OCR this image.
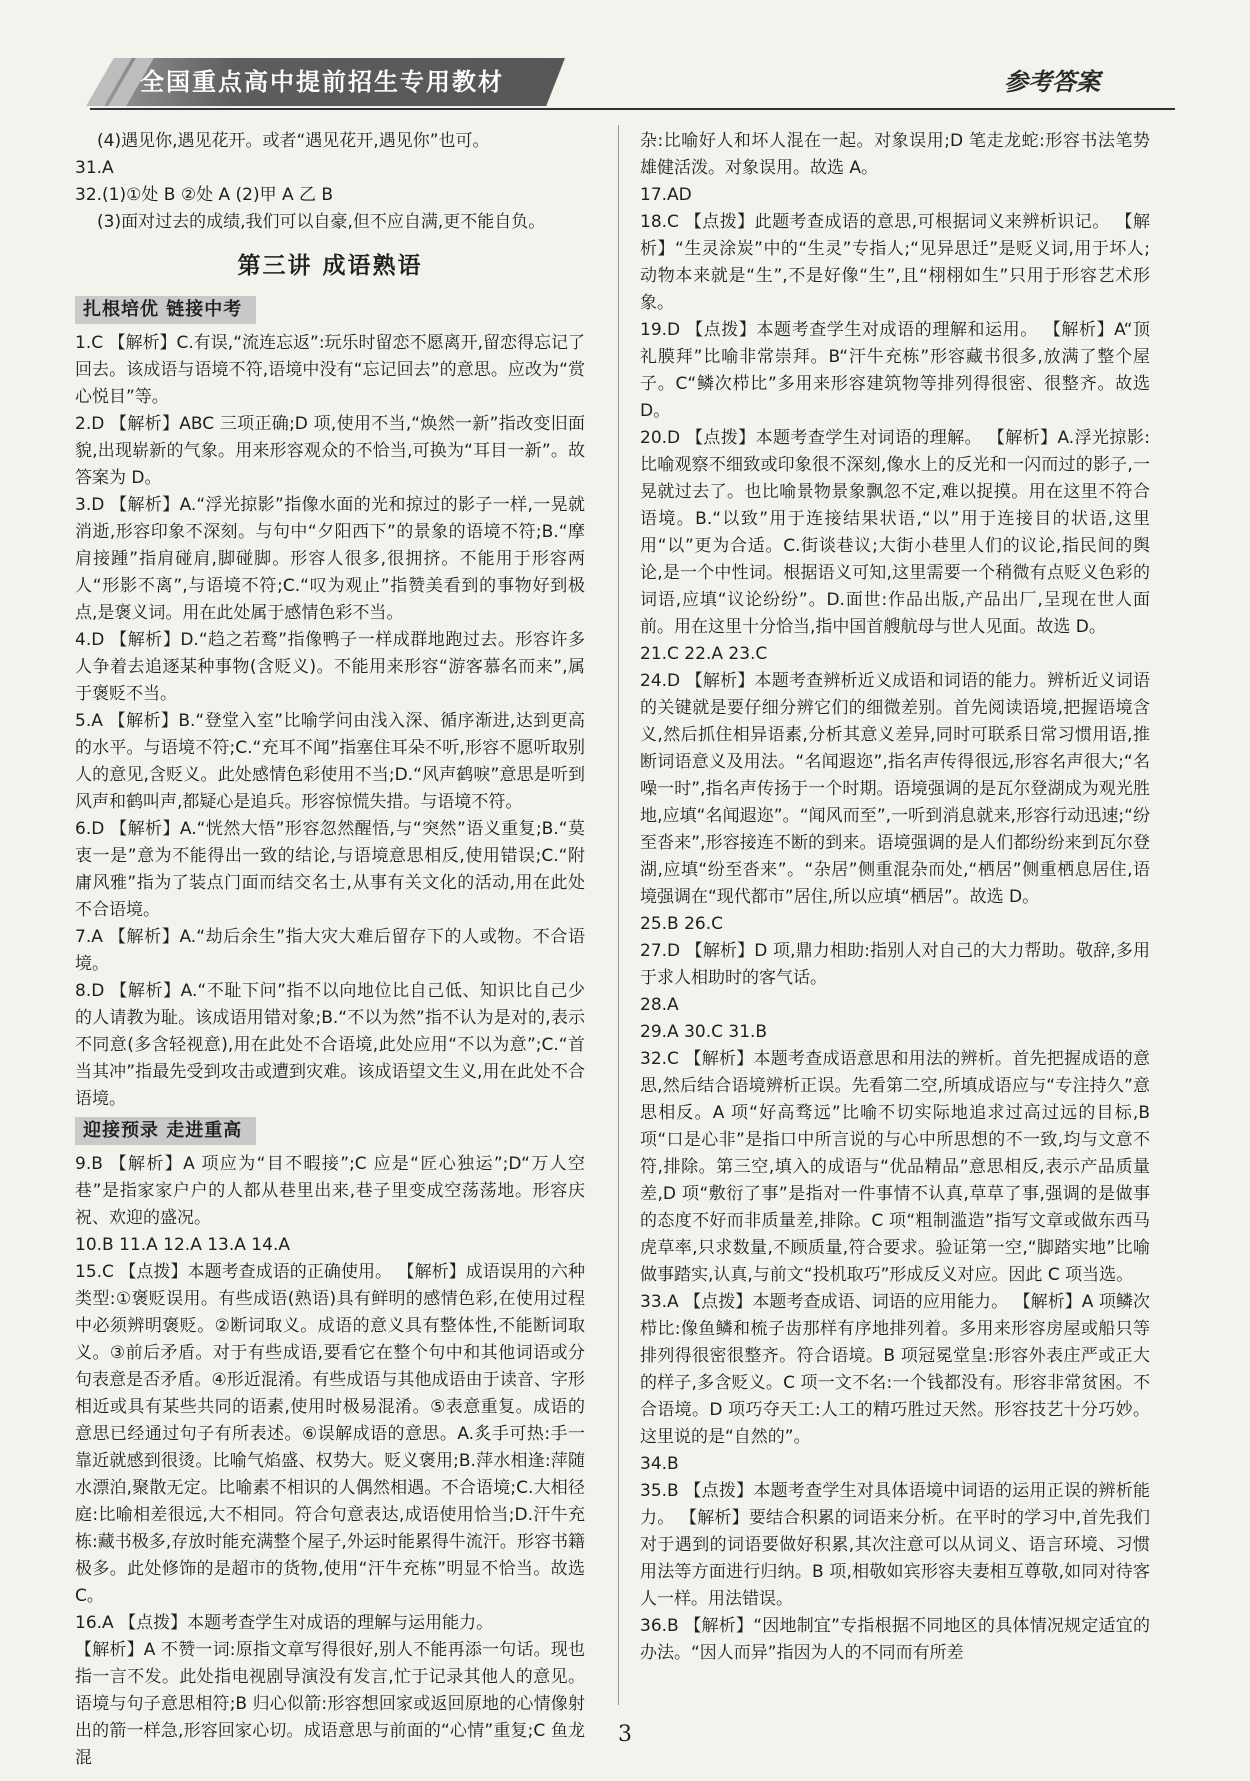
全国重点高中提前招生专用教材	参考答案

(4)遇见你,遇见花开。或者“遇见花开,遇见你”也可。

31.A

32.(1)①处 B ②处 A (2)甲 A 乙 B

(3)面对过去的成绩,我们可以自豪,但不应自满,更不能自负。

第三讲 成语熟语
扎根培优 链接中考

1.C 【解析】C.有误,“流连忘返”:玩乐时留恋不愿离开,留恋得忘记了回去。该成语与语境不符,语境中没有“忘记回去”的意思。应改为“赏心悦目”等。

2.D 【解析】ABC 三项正确;D 项,使用不当,“焕然一新”指改变旧面貌,出现崭新的气象。用来形容观众的不恰当,可换为“耳目一新”。故答案为 D。

3.D 【解析】A.“浮光掠影”指像水面的光和掠过的影子一样,一晃就消逝,形容印象不深刻。与句中“夕阳西下”的景象的语境不符;B.“摩肩接踵”指肩碰肩,脚碰脚。形容人很多,很拥挤。不能用于形容两人“形影不离”,与语境不符;C.“叹为观止”指赞美看到的事物好到极点,是褒义词。用在此处属于感情色彩不当。

4.D 【解析】D.“趋之若鹜”指像鸭子一样成群地跑过去。形容许多人争着去追逐某种事物(含贬义)。不能用来形容“游客慕名而来”,属于褒贬不当。

5.A 【解析】B.“登堂入室”比喻学问由浅入深、循序渐进,达到更高的水平。与语境不符;C.“充耳不闻”指塞住耳朵不听,形容不愿听取别人的意见,含贬义。此处感情色彩使用不当;D.“风声鹤唳”意思是听到风声和鹤叫声,都疑心是追兵。形容惊慌失措。与语境不符。

6.D 【解析】A.“恍然大悟”形容忽然醒悟,与“突然”语义重复;B.“莫衷一是”意为不能得出一致的结论,与语境意思相反,使用错误;C.“附庸风雅”指为了装点门面而结交名士,从事有关文化的活动,用在此处不合语境。

7.A 【解析】A.“劫后余生”指大灾大难后留存下的人或物。不合语境。

8.D 【解析】A.“不耻下问”指不以向地位比自己低、知识比自己少的人请教为耻。该成语用错对象;B.“不以为然”指不认为是对的,表示不同意(多含轻视意),用在此处不合语境,此处应用“不以为意”;C.“首当其冲”指最先受到攻击或遭到灾难。该成语望文生义,用在此处不合语境。

迎接预录 走进重高

9.B 【解析】A 项应为“目不暇接”;C 应是“匠心独运”;D“万人空巷”是指家家户户的人都从巷里出来,巷子里变成空荡荡地。形容庆祝、欢迎的盛况。

10.B 11.A 12.A 13.A 14.A

15.C 【点拨】本题考查成语的正确使用。 【解析】成语误用的六种类型:①褒贬误用。有些成语(熟语)具有鲜明的感情色彩,在使用过程中必须辨明褒贬。②断词取义。成语的意义具有整体性,不能断词取义。③前后矛盾。对于有些成语,要看它在整个句中和其他词语或分句表意是否矛盾。④形近混淆。有些成语与其他成语由于读音、字形相近或具有某些共同的语素,使用时极易混淆。⑤表意重复。成语的意思已经通过句子有所表述。⑥误解成语的意思。A.炙手可热:手一靠近就感到很烫。比喻气焰盛、权势大。贬义褒用;B.萍水相逢:萍随水漂泊,聚散无定。比喻素不相识的人偶然相遇。不合语境;C.大相径庭:比喻相差很远,大不相同。符合句意表达,成语使用恰当;D.汗牛充栋:藏书极多,存放时能充满整个屋子,外运时能累得牛流汗。形容书籍极多。此处修饰的是超市的货物,使用“汗牛充栋”明显不恰当。故选 C。

16.A 【点拨】本题考查学生对成语的理解与运用能力。

【解析】A 不赞一词:原指文章写得很好,别人不能再添一句话。现也指一言不发。此处指电视剧导演没有发言,忙于记录其他人的意见。语境与句子意思相符;B 归心似箭:形容想回家或返回原地的心情像射出的箭一样急,形容回家心切。成语意思与前面的“心情”重复;C 鱼龙混

杂:比喻好人和坏人混在一起。对象误用;D 笔走龙蛇:形容书法笔势雄健活泼。对象误用。故选 A。

17.AD

18.C 【点拨】此题考查成语的意思,可根据词义来辨析识记。 【解析】“生灵涂炭”中的“生灵”专指人;“见异思迁”是贬义词,用于坏人;动物本来就是“生”,不是好像“生”,且“栩栩如生”只用于形容艺术形象。

19.D 【点拨】本题考查学生对成语的理解和运用。 【解析】A“顶礼膜拜”比喻非常崇拜。B“汗牛充栋”形容藏书很多,放满了整个屋子。C“鳞次栉比”多用来形容建筑物等排列得很密、很整齐。故选 D。

20.D 【点拨】本题考查学生对词语的理解。 【解析】A.浮光掠影:比喻观察不细致或印象很不深刻,像水上的反光和一闪而过的影子,一晃就过去了。也比喻景物景象飘忽不定,难以捉摸。用在这里不符合语境。B.“以致”用于连接结果状语,“以”用于连接目的状语,这里用“以”更为合适。C.街谈巷议;大街小巷里人们的议论,指民间的舆论,是一个中性词。根据语义可知,这里需要一个稍微有点贬义色彩的词语,应填“议论纷纷”。D.面世:作品出版,产品出厂,呈现在世人面前。用在这里十分恰当,指中国首艘航母与世人见面。故选 D。

21.C 22.A 23.C

24.D 【解析】本题考查辨析近义成语和词语的能力。辨析近义词语的关键就是要仔细分辨它们的细微差别。首先阅读语境,把握语境含义,然后抓住相异语素,分析其意义差异,同时可联系日常习惯用语,推断词语意义及用法。“名闻遐迩”,指名声传得很远,形容名声很大;“名噪一时”,指名声传扬于一个时期。语境强调的是瓦尔登湖成为观光胜地,应填“名闻遐迩”。“闻风而至”,一听到消息就来,形容行动迅速;“纷至沓来”,形容接连不断的到来。语境强调的是人们都纷纷来到瓦尔登湖,应填“纷至沓来”。“杂居”侧重混杂而处,“栖居”侧重栖息居住,语境强调在“现代都市”居住,所以应填“栖居”。故选 D。

25.B 26.C

27.D 【解析】D 项,鼎力相助:指别人对自己的大力帮助。敬辞,多用于求人相助时的客气话。

28.A

29.A 30.C 31.B

32.C 【解析】本题考查成语意思和用法的辨析。首先把握成语的意思,然后结合语境辨析正误。先看第二空,所填成语应与“专注持久”意思相反。A 项“好高骛远”比喻不切实际地追求过高过远的目标,B 项“口是心非”是指口中所言说的与心中所思想的不一致,均与文意不符,排除。第三空,填入的成语与“优品精品”意思相反,表示产品质量差,D 项“敷衍了事”是指对一件事情不认真,草草了事,强调的是做事的态度不好而非质量差,排除。C 项“粗制滥造”指写文章或做东西马虎草率,只求数量,不顾质量,符合要求。验证第一空,“脚踏实地”比喻做事踏实,认真,与前文“投机取巧”形成反义对应。因此 C 项当选。

33.A 【点拨】本题考查成语、词语的应用能力。 【解析】A 项鳞次栉比:像鱼鳞和梳子齿那样有序地排列着。多用来形容房屋或船只等排列得很密很整齐。符合语境。B 项冠冕堂皇:形容外表庄严或正大的样子,多含贬义。C 项一文不名:一个钱都没有。形容非常贫困。不合语境。D 项巧夺天工:人工的精巧胜过天然。形容技艺十分巧妙。这里说的是“自然的”。

34.B

35.B 【点拨】本题考查学生对具体语境中词语的运用正误的辨析能力。 【解析】要结合积累的词语来分析。在平时的学习中,首先我们对于遇到的词语要做好积累,其次注意可以从词义、语言环境、习惯用法等方面进行归纳。B 项,相敬如宾形容夫妻相互尊敬,如同对待客人一样。用法错误。

36.B 【解析】“因地制宜”专指根据不同地区的具体情况规定适宜的办法。“因人而异”指因为人的不同而有所差

3
